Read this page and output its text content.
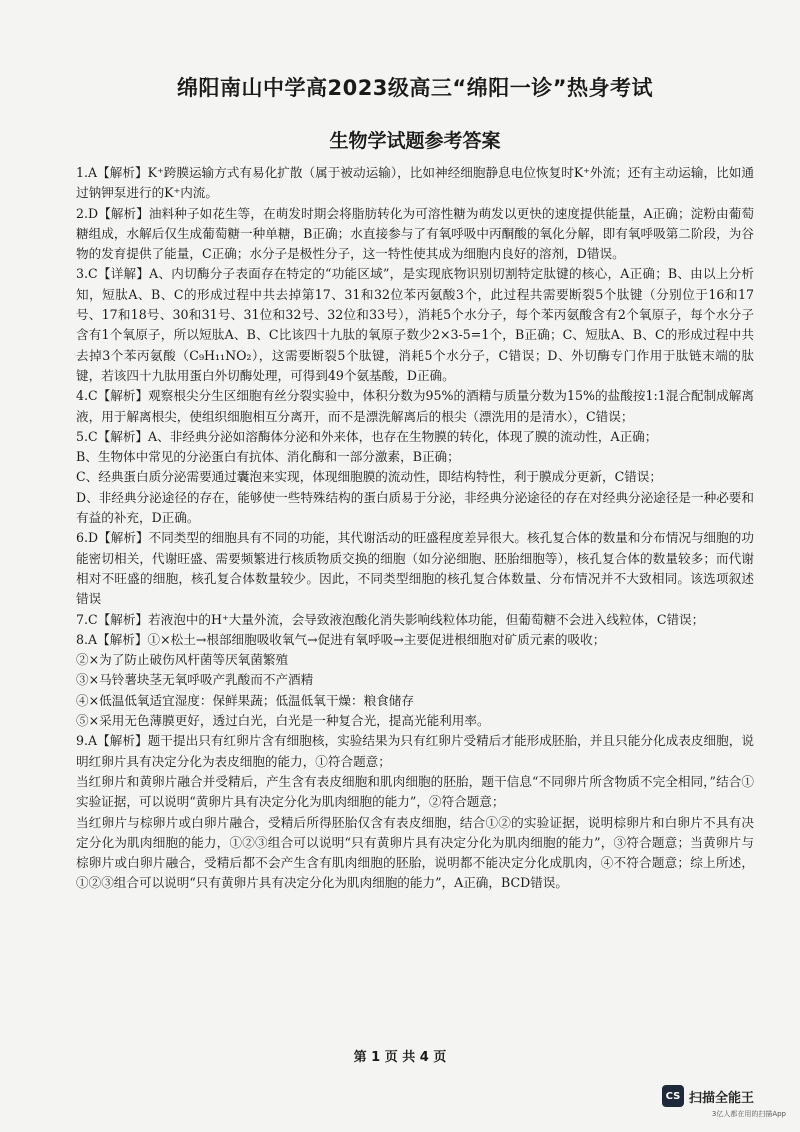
绵阳南山中学高2023级高三“绵阳一诊”热身考试
生物学试题参考答案

1.A【解析】K⁺跨膜运输方式有易化扩散（属于被动运输），比如神经细胞静息电位恢复时K⁺外流；还有主动运输，比如通过钠钾泵进行的K⁺内流。

2.D【解析】油料种子如花生等，在萌发时期会将脂肪转化为可溶性糖为萌发以更快的速度提供能量，A正确；淀粉由葡萄糖组成，水解后仅生成葡萄糖一种单糖，B正确；水直接参与了有氧呼吸中丙酮酸的氧化分解，即有氧呼吸第二阶段，为谷物的发育提供了能量，C正确；水分子是极性分子，这一特性使其成为细胞内良好的溶剂，D错误。

3.C【详解】A、内切酶分子表面存在特定的“功能区域”，是实现底物识别切割特定肽键的核心，A正确；B、由以上分析知，短肽A、B、C的形成过程中共去掉第17、31和32位苯丙氨酸3个，此过程共需要断裂5个肽键（分别位于16和17号、17和18号、30和31号、31位和32号、32位和33号），消耗5个水分子，每个苯丙氨酸含有2个氧原子，每个水分子含有1个氧原子，所以短肽A、B、C比该四十九肽的氧原子数少2×3-5=1个，B正确；C、短肽A、B、C的形成过程中共去掉3个苯丙氨酸（C₉H₁₁NO₂），这需要断裂5个肽键，消耗5个水分子，C错误；D、外切酶专门作用于肽链末端的肽键，若该四十九肽用蛋白外切酶处理，可得到49个氨基酸，D正确。

4.C【解析】观察根尖分生区细胞有丝分裂实验中，体积分数为95%的酒精与质量分数为15%的盐酸按1:1混合配制成解离液，用于解离根尖，使组织细胞相互分离开，而不是漂洗解离后的根尖（漂洗用的是清水），C错误；

5.C【解析】A、非经典分泌如溶酶体分泌和外来体，也存在生物膜的转化，体现了膜的流动性，A正确；

B、生物体中常见的分泌蛋白有抗体、消化酶和一部分激素，B正确；

C、经典蛋白质分泌需要通过囊泡来实现，体现细胞膜的流动性，即结构特性，利于膜成分更新，C错误；

D、非经典分泌途径的存在，能够使一些特殊结构的蛋白质易于分泌，非经典分泌途径的存在对经典分泌途径是一种必要和有益的补充，D正确。

6.D【解析】不同类型的细胞具有不同的功能，其代谢活动的旺盛程度差异很大。核孔复合体的数量和分布情况与细胞的功能密切相关，代谢旺盛、需要频繁进行核质物质交换的细胞（如分泌细胞、胚胎细胞等），核孔复合体的数量较多；而代谢相对不旺盛的细胞，核孔复合体数量较少。因此，不同类型细胞的核孔复合体数量、分布情况并不大致相同。该选项叙述错误

7.C【解析】若液泡中的H⁺大量外流，会导致液泡酸化消失影响线粒体功能，但葡萄糖不会进入线粒体，C错误；

8.A【解析】①×松土→根部细胞吸收氧气→促进有氧呼吸→主要促进根细胞对矿质元素的吸收；

②×为了防止破伤风杆菌等厌氧菌繁殖

③×马铃薯块茎无氧呼吸产乳酸而不产酒精

④×低温低氧适宜湿度：保鲜果蔬；低温低氧干燥：粮食储存

⑤×采用无色薄膜更好，透过白光，白光是一种复合光，提高光能利用率。

9.A【解析】题干提出只有红卵片含有细胞核，实验结果为只有红卵片受精后才能形成胚胎，并且只能分化成表皮细胞，说明红卵片具有决定分化为表皮细胞的能力，①符合题意；

当红卵片和黄卵片融合并受精后，产生含有表皮细胞和肌肉细胞的胚胎，题干信息“不同卵片所含物质不完全相同，”结合①实验证据，可以说明“黄卵片具有决定分化为肌肉细胞的能力”，②符合题意；

当红卵片与棕卵片或白卵片融合，受精后所得胚胎仅含有表皮细胞，结合①②的实验证据，说明棕卵片和白卵片不具有决定分化为肌肉细胞的能力，①②③组合可以说明“只有黄卵片具有决定分化为肌肉细胞的能力”，③符合题意；当黄卵片与棕卵片或白卵片融合，受精后都不会产生含有肌肉细胞的胚胎，说明都不能决定分化成肌肉，④不符合题意；综上所述，①②③组合可以说明“只有黄卵片具有决定分化为肌肉细胞的能力”，A正确，BCD错误。

第 1 页 共 4 页
CS 扫描全能王
3亿人都在用的扫描App
